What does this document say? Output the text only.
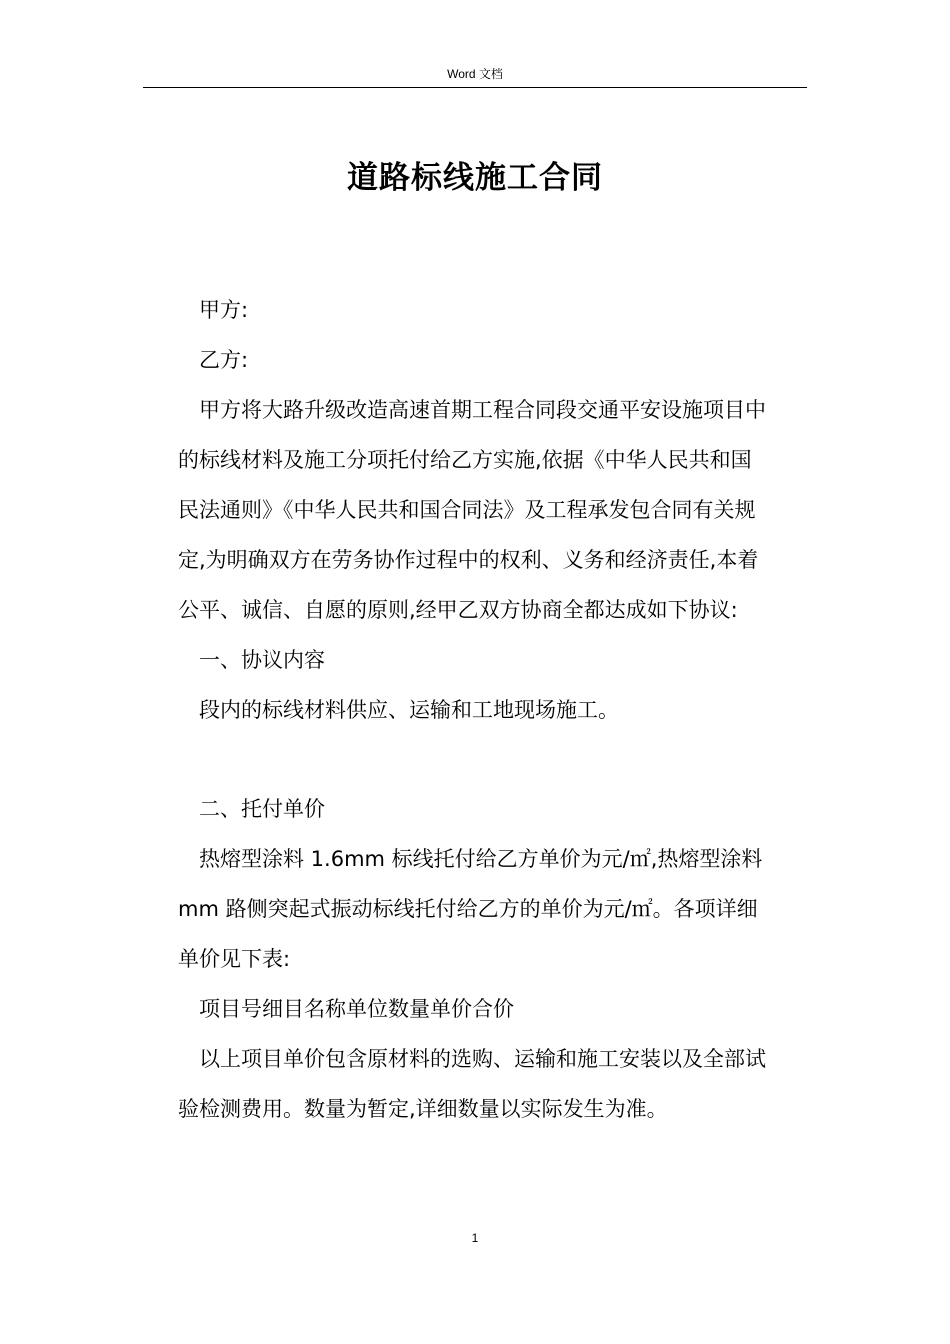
Word 文档
道路标线施工合同
甲方:
乙方:
甲方将大路升级改造高速首期工程合同段交通平安设施项目中
的标线材料及施工分项托付给乙方实施,依据《中华人民共和国
民法通则》《中华人民共和国合同法》及工程承发包合同有关规
定,为明确双方在劳务协作过程中的权利、义务和经济责任,本着
公平、诚信、自愿的原则,经甲乙双方协商全都达成如下协议:
一、协议内容
段内的标线材料供应、运输和工地现场施工。
二、托付单价
热熔型涂料 1.6mm 标线托付给乙方单价为元/㎡,热熔型涂料
mm 路侧突起式振动标线托付给乙方的单价为元/㎡。各项详细
单价见下表:
项目号细目名称单位数量单价合价
以上项目单价包含原材料的选购、运输和施工安装以及全部试
验检测费用。数量为暂定,详细数量以实际发生为准。
1
